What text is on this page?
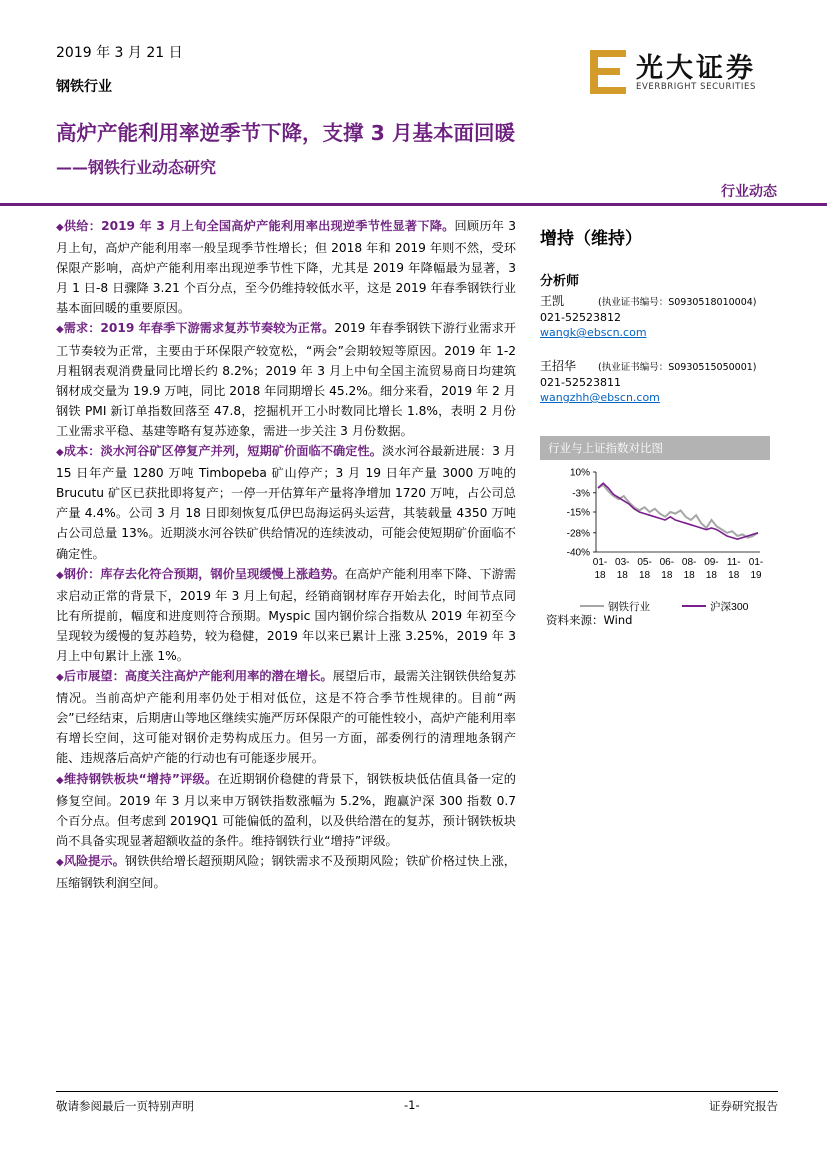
2019 年 3 月 21 日
钢铁行业
光大证券
EVERBRIGHT SECURITIES
高炉产能利用率逆季节下降，支撑 3 月基本面回暖
——钢铁行业动态研究
行业动态

◆供给：2019 年 3 月上旬全国高炉产能利用率出现逆季节性显著下降。回顾历年 3 月上旬，高炉产能利用率一般呈现季节性增长；但 2018 年和 2019 年则不然，受环保限产影响，高炉产能利用率出现逆季节性下降，尤其是 2019 年降幅最为显著，3 月 1 日-8 日骤降 3.21 个百分点，至今仍维持较低水平，这是 2019 年春季钢铁行业基本面回暖的重要原因。

◆需求：2019 年春季下游需求复苏节奏较为正常。2019 年春季钢铁下游行业需求开工节奏较为正常，主要由于环保限产较宽松，“两会”会期较短等原因。2019 年 1-2 月粗钢表观消费量同比增长约 8.2%；2019 年 3 月上中旬全国主流贸易商日均建筑钢材成交量为 19.9 万吨，同比 2018 年同期增长 45.2%。细分来看，2019 年 2 月钢铁 PMI 新订单指数回落至 47.8，挖掘机开工小时数同比增长 1.8%，表明 2 月份工业需求平稳、基建等略有复苏迹象，需进一步关注 3 月份数据。

◆成本：淡水河谷矿区停复产并列，短期矿价面临不确定性。淡水河谷最新进展：3 月 15 日年产量 1280 万吨 Timbopeba 矿山停产；3 月 19 日年产量 3000 万吨的 Brucutu 矿区已获批即将复产；一停一开估算年产量将净增加 1720 万吨，占公司总产量 4.4%。公司 3 月 18 日即刻恢复瓜伊巴岛海运码头运营，其装载量 4350 万吨占公司总量 13%。近期淡水河谷铁矿供给情况的连续波动，可能会使短期矿价面临不确定性。

◆钢价：库存去化符合预期，钢价呈现缓慢上涨趋势。在高炉产能利用率下降、下游需求启动正常的背景下，2019 年 3 月上旬起，经销商钢材库存开始去化，时间节点同比有所提前，幅度和进度则符合预期。Myspic 国内钢价综合指数从 2019 年初至今呈现较为缓慢的复苏趋势，较为稳健，2019 年以来已累计上涨 3.25%，2019 年 3 月上中旬累计上涨 1%。

◆后市展望：高度关注高炉产能利用率的潜在增长。展望后市，最需关注钢铁供给复苏情况。当前高炉产能利用率仍处于相对低位，这是不符合季节性规律的。目前“两会”已经结束，后期唐山等地区继续实施严厉环保限产的可能性较小，高炉产能利用率有增长空间，这可能对钢价走势构成压力。但另一方面，部委例行的清理地条钢产能、违规落后高炉产能的行动也有可能逐步展开。

◆维持钢铁板块“增持”评级。在近期钢价稳健的背景下，钢铁板块低估值具备一定的修复空间。2019 年 3 月以来申万钢铁指数涨幅为 5.2%，跑赢沪深 300 指数 0.7 个百分点。但考虑到 2019Q1 可能偏低的盈利，以及供给潜在的复苏，预计钢铁板块尚不具备实现显著超额收益的条件。维持钢铁行业“增持”评级。

◆风险提示。钢铁供给增长超预期风险；钢铁需求不及预期风险；铁矿价格过快上涨，压缩钢铁利润空间。

增持（维持）
分析师
王凯	(执业证书编号：S0930518010004)
021-52523812
wangk@ebscn.com
王招华 (执业证书编号：S0930515050001)
021-52523811
wangzhh@ebscn.com
行业与上证指数对比图
10%
-3%
-15%
-28%
-40%
01-
18
03-
18
05-
18
06-
18
08-
18
09-
18
11-
18
01-
19
钢铁行业	沪深300
资料来源：Wind
敬请参阅最后一页特别声明	-1-	证券研究报告
